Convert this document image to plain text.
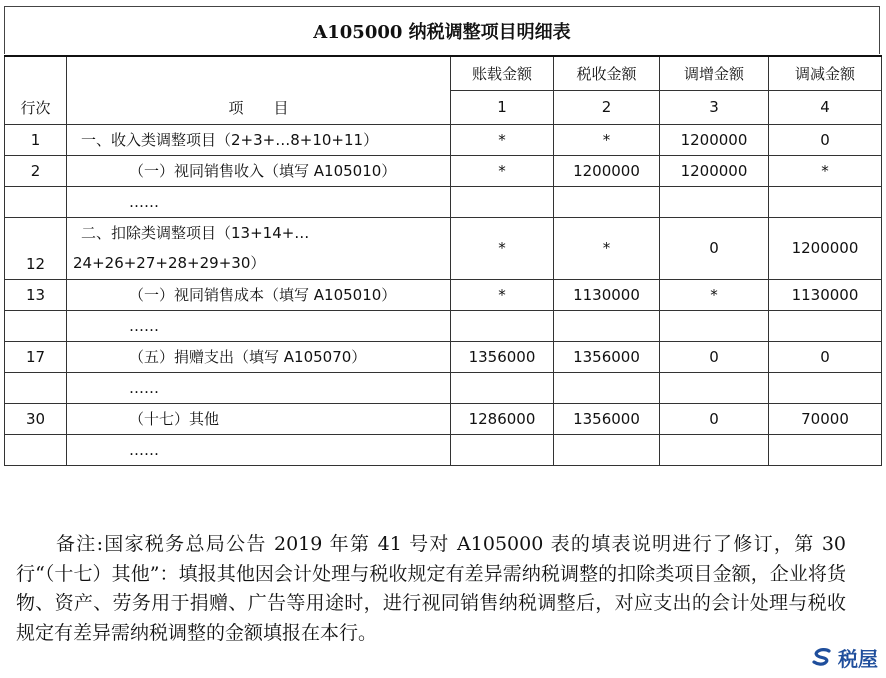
A105000 纳税调整项目明细表
行次	项　　目	账载金额	税收金额	调增金额	调减金额
		1	2	3	4
1	一、收入类调整项目（2+3+…8+10+11）	*	*	1200000	0
2	（一）视同销售收入（填写 A105010）	*	1200000	1200000	*
	……				
12	二、扣除类调整项目（13+14+…
24+26+27+28+29+30）	*	*	0	1200000
13	（一）视同销售成本（填写 A105010）	*	1130000	*	1130000
	……				
17	（五）捐赠支出（填写 A105070）	1356000	1356000	0	0
	……				
30	（十七）其他	1286000	1356000	0	70000
	……				
备注:国家税务总局公告 2019 年第 41 号对 A105000 表的填表说明进行了修订，第 30 行“（十七）其他”：填报其他因会计处理与税收规定有差异需纳税调整的扣除类项目金额，企业将货物、资产、劳务用于捐赠、广告等用途时，进行视同销售纳税调整后，对应支出的会计处理与税收规定有差异需纳税调整的金额填报在本行。
税屋
